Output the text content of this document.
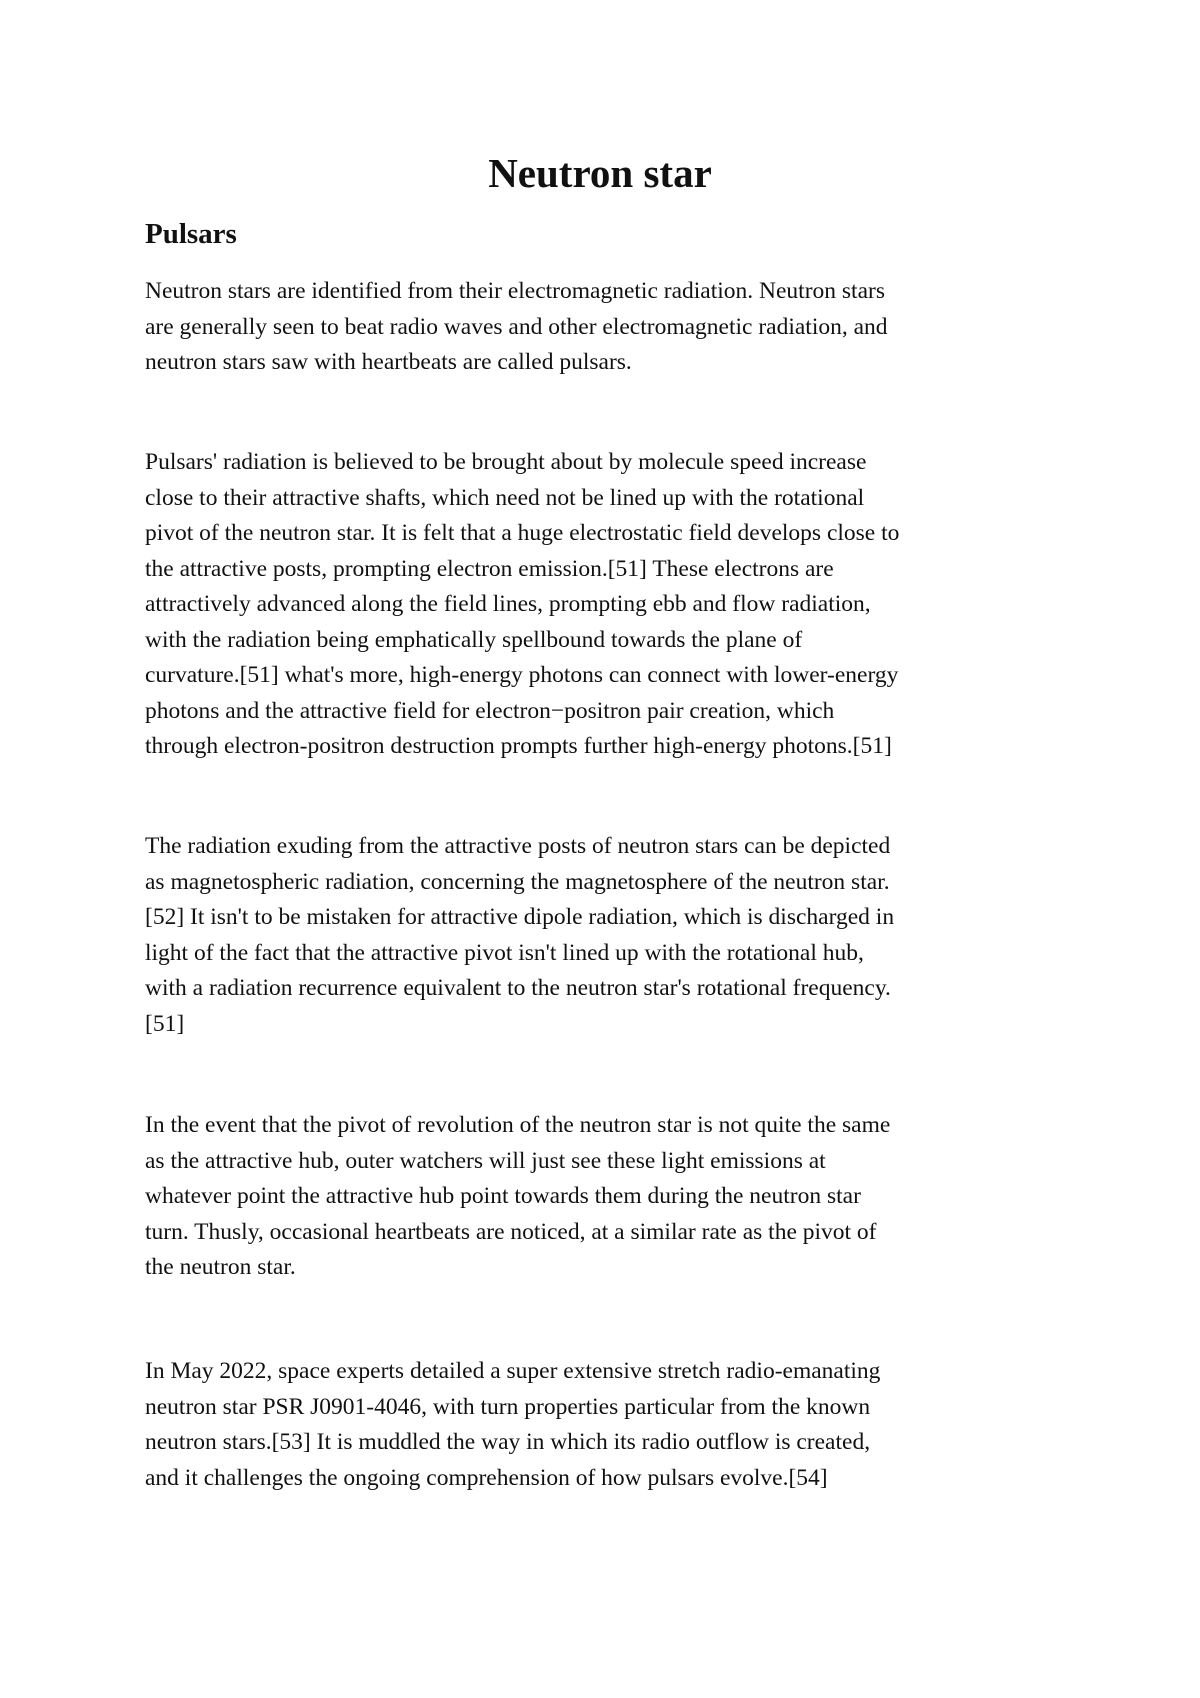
Neutron star
Pulsars

Neutron stars are identified from their electromagnetic radiation. Neutron stars
are generally seen to beat radio waves and other electromagnetic radiation, and
neutron stars saw with heartbeats are called pulsars.

Pulsars' radiation is believed to be brought about by molecule speed increase
close to their attractive shafts, which need not be lined up with the rotational
pivot of the neutron star. It is felt that a huge electrostatic field develops close to
the attractive posts, prompting electron emission.[51] These electrons are
attractively advanced along the field lines, prompting ebb and flow radiation,
with the radiation being emphatically spellbound towards the plane of
curvature.[51] what's more, high-energy photons can connect with lower-energy
photons and the attractive field for electron−positron pair creation, which
through electron-positron destruction prompts further high-energy photons.[51]

The radiation exuding from the attractive posts of neutron stars can be depicted
as magnetospheric radiation, concerning the magnetosphere of the neutron star.
[52] It isn't to be mistaken for attractive dipole radiation, which is discharged in
light of the fact that the attractive pivot isn't lined up with the rotational hub,
with a radiation recurrence equivalent to the neutron star's rotational frequency.
[51]

In the event that the pivot of revolution of the neutron star is not quite the same
as the attractive hub, outer watchers will just see these light emissions at
whatever point the attractive hub point towards them during the neutron star
turn. Thusly, occasional heartbeats are noticed, at a similar rate as the pivot of
the neutron star.

In May 2022, space experts detailed a super extensive stretch radio-emanating
neutron star PSR J0901-4046, with turn properties particular from the known
neutron stars.[53] It is muddled the way in which its radio outflow is created,
and it challenges the ongoing comprehension of how pulsars evolve.[54]
